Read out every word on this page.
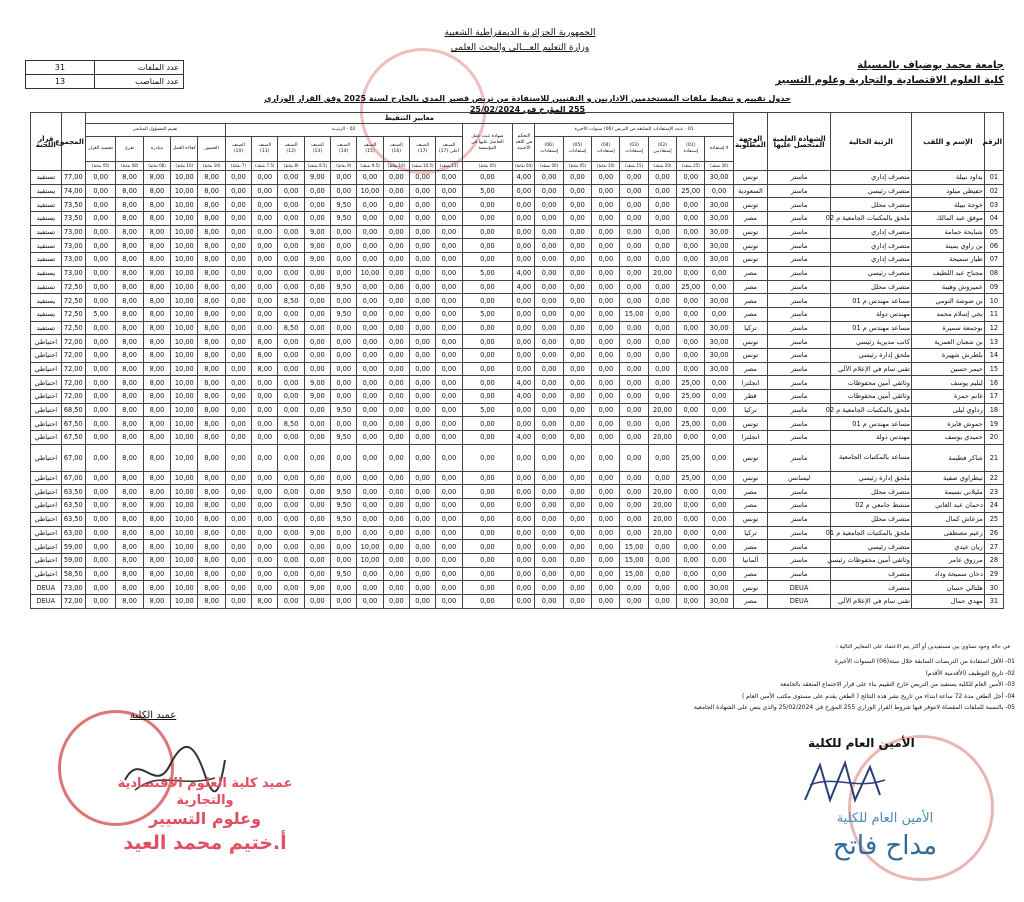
الجمهورية الجزائرية الديمقراطية الشعبية
وزارة التعليم العـــالي والبحث العلمي
جامعة محمد بوضياف بالمسيلة
كلية العلوم الاقتصادية والتجارية وعلوم التسيير
31	عدد الملفات
13	عدد المناصب
جدول تقييم و تنقيط ملفات المستخدمين الاداريين و التقنيين للاستفادة من تربص قصير المدى بالخارج لسنة 2025 وفق القرار الوزاري 255 المؤرخ في 25/02/2024
الرقم	الإسم و اللقب	الرتبة الحالية	الشهادة العلمية المتحصل عليها	الوجهة المطلوبة	معايير التنقيط																							المجموع	قرار اللجنة
					01 - عـدد الإستفادات السابقة من التربص (06) سنوات الأخيرة							التحكم في اللغة الأجنبية	شهادة تثبت عمل الحاصل عليها في المؤسسة	02 - الرتبــة									تقييم المسؤول المباشر						
					لا إستفادة	(01) إستفادة	(02) إستفادتين	(03) إستفادات	(04) إستفادات	(05) إستفادات	(06) إستفادات			الصنف أعلى (17)	الصنف (17)	الصنف (16)	الصنف (15)	الصنف (14)	الصنف (13)	الصنف (12)	الصنف (11)	الصنف (10)	الحضور	كفاءة العمل	مبادرة	تفرغ	تجسيد القرار		
					(30 نقطة)	(25 نقطة)	(20 نقطة)	(15 نقطة)	(10 نقاط)	(05 نقاط)	(00 نقطة)	(04 نقاط)	(05 نقاط)	(11 نقطة)	(10.5 نقطة)	(10 نقاط)	(9.5 نقطة)	(9 نقاط)	(8.5 نقطة)	(8 نقاط)	(7.5 نقطة)	(7 نقاط)	(10 نقاط)	(10 نقاط)	(08 نقاط)	(08 نقاط)	(05 نقاط)		
01	بداود نبيلة	متصرف إداري	ماستر	تونس	30,00	0,00	0,00	0,00	0,00	0,00	0,00	4,00	0,00	0,00	0,00	0,00	0,00	0,00	9,00	0,00	0,00	0,00	8,00	10,00	8,00	8,00	0,00	77,00	تستفيد
02	حفيظي ميلود	متصرف رئيسي	ماستر	السعودية	0,00	25,00	0,00	0,00	0,00	0,00	0,00	0,00	5,00	0,00	0,00	0,00	10,00	0,00	0,00	0,00	0,00	0,00	8,00	10,00	8,00	8,00	0,00	74,00	يستفيد
03	خوجة نبيلة	متصرف محلل	ماستر	تونس	30,00	0,00	0,00	0,00	0,00	0,00	0,00	0,00	0,00	0,00	0,00	0,00	0,00	9,50	0,00	0,00	0,00	0,00	8,00	10,00	8,00	8,00	0,00	73,50	تستفيد
04	موفق عبد المالك	ملحق بالمكتبات الجامعية م 02	ماستر	مصر	30,00	0,00	0,00	0,00	0,00	0,00	0,00	0,00	0,00	0,00	0,00	0,00	0,00	9,50	0,00	0,00	0,00	0,00	8,00	10,00	8,00	8,00	0,00	73,50	يستفيد
05	شبايحة حمامة	متصرف إداري	ماستر	تونس	30,00	0,00	0,00	0,00	0,00	0,00	0,00	0,00	0,00	0,00	0,00	0,00	0,00	0,00	9,00	0,00	0,00	0,00	8,00	10,00	8,00	8,00	0,00	73,00	تستفيد
06	بن زاوي يمينة	متصرف إداري	ماستر	تونس	30,00	0,00	0,00	0,00	0,00	0,00	0,00	0,00	0,00	0,00	0,00	0,00	0,00	0,00	9,00	0,00	0,00	0,00	8,00	10,00	8,00	8,00	0,00	73,00	تستفيد
07	طيار سميحة	متصرف إداري	ماستر	تونس	30,00	0,00	0,00	0,00	0,00	0,00	0,00	0,00	0,00	0,00	0,00	0,00	0,00	0,00	9,00	0,00	0,00	0,00	8,00	10,00	8,00	8,00	0,00	73,00	تستفيد
08	مجناح عبد اللطيف	متصرف رئيسي	ماستر	مصر	0,00	0,00	20,00	0,00	0,00	0,00	0,00	4,00	5,00	0,00	0,00	0,00	10,00	0,00	0,00	0,00	0,00	0,00	8,00	10,00	8,00	8,00	0,00	73,00	يستفيد
09	عميروش وهيبة	متصرف محلل	ماستر	مصر	0,00	25,00	0,00	0,00	0,00	0,00	0,00	4,00	0,00	0,00	0,00	0,00	0,00	9,50	0,00	0,00	0,00	0,00	8,00	10,00	8,00	8,00	0,00	72,50	تستفيد
10	بن صوشة التومي	مساعد مهندس م 01	ماستر	مصر	30,00	0,00	0,00	0,00	0,00	0,00	0,00	0,00	0,00	0,00	0,00	0,00	0,00	0,00	0,00	8,50	0,00	0,00	8,00	10,00	8,00	8,00	0,00	72,50	يستفيد
11	بخي إسلام محمد	مهندس دولة	ماستر	مصر	0,00	0,00	0,00	15,00	0,00	0,00	0,00	0,00	5,00	0,00	0,00	0,00	0,00	9,50	0,00	0,00	0,00	0,00	8,00	10,00	8,00	8,00	5,00	72,50	يستفيد
12	بوجمعة سميرة	مساعد مهندس م 01	ماستر	تركيا	30,00	0,00	0,00	0,00	0,00	0,00	0,00	0,00	0,00	0,00	0,00	0,00	0,00	0,00	0,00	8,50	0,00	0,00	8,00	10,00	8,00	8,00	0,00	72,50	تستفيد
13	بن شعبان العمرية	كاتب مديرية رئيسي	ماستر	تونس	30,00	0,00	0,00	0,00	0,00	0,00	0,00	0,00	0,00	0,00	0,00	0,00	0,00	0,00	0,00	0,00	8,00	0,00	8,00	10,00	8,00	8,00	0,00	72,00	احتياطي
14	بلطرش شهيرة	ملحق إدارة رئيسي	ماستر	تونس	30,00	0,00	0,00	0,00	0,00	0,00	0,00	0,00	0,00	0,00	0,00	0,00	0,00	0,00	0,00	0,00	8,00	0,00	8,00	10,00	8,00	8,00	0,00	72,00	احتياطي
15	حيمر حسين	تقني سام في الإعلام الآلي	ماستر	مصر	30,00	0,00	0,00	0,00	0,00	0,00	0,00	0,00	0,00	0,00	0,00	0,00	0,00	0,00	0,00	0,00	8,00	0,00	8,00	10,00	8,00	8,00	0,00	72,00	احتياطي
16	ليليم يوسف	وثائقي أمين محفوظات	ماستر	انجلترا	0,00	25,00	0,00	0,00	0,00	0,00	0,00	4,00	0,00	0,00	0,00	0,00	0,00	0,00	9,00	0,00	0,00	0,00	8,00	10,00	8,00	8,00	0,00	72,00	احتياطي
17	غانم حمزة	وثائقي أمين محفوظات	ماستر	قطر	0,00	25,00	0,00	0,00	0,00	0,00	0,00	4,00	0,00	0,00	0,00	0,00	0,00	0,00	9,00	0,00	0,00	0,00	8,00	10,00	8,00	8,00	0,00	72,00	احتياطي
18	رداوي ليلى	ملحق بالمكتبات الجامعية م 02	ماستر	تركيا	0,00	0,00	20,00	0,00	0,00	0,00	0,00	0,00	5,00	0,00	0,00	0,00	0,00	9,50	0,00	0,00	0,00	0,00	8,00	10,00	8,00	8,00	0,00	68,50	احتياطي
19	حموش فايزة	مساعد مهندس م 01	ماستر	تونس	0,00	25,00	0,00	0,00	0,00	0,00	0,00	0,00	0,00	0,00	0,00	0,00	0,00	0,00	0,00	8,50	0,00	0,00	8,00	10,00	8,00	8,00	0,00	67,50	احتياطي
20	حميدي يوسف	مهندس دولة	ماستر	انجلترا	0,00	0,00	20,00	0,00	0,00	0,00	0,00	4,00	0,00	0,00	0,00	0,00	0,00	9,50	0,00	0,00	0,00	0,00	8,00	10,00	8,00	8,00	0,00	67,50	احتياطي
21	شاكر فطيمة	مساعد بالمكتبات الجامعية	ماستر	تونس	0,00	25,00	0,00	0,00	0,00	0,00	0,00	0,00	0,00	0,00	0,00	0,00	0,00	0,00	0,00	0,00	0,00	0,00	8,00	10,00	8,00	8,00	0,00	67,00	احتياطي
22	تيطراوي صفية	ملحق إدارة رئيسي	ليسانس	تونس	0,00	25,00	0,00	0,00	0,00	0,00	0,00	0,00	0,00	0,00	0,00	0,00	0,00	0,00	0,00	0,00	0,00	0,00	8,00	10,00	8,00	8,00	0,00	67,00	احتياطي
23	مليلاني نسيمة	متصرف محلل	ماستر	مصر	0,00	0,00	20,00	0,00	0,00	0,00	0,00	0,00	0,00	0,00	0,00	0,00	0,00	9,50	0,00	0,00	0,00	0,00	8,00	10,00	8,00	8,00	0,00	63,50	احتياطي
24	دحمان عبد الغاني	منشط جامعي م 02	ماستر	مصر	0,00	0,00	20,00	0,00	0,00	0,00	0,00	0,00	0,00	0,00	0,00	0,00	0,00	9,50	0,00	0,00	0,00	0,00	8,00	10,00	8,00	8,00	0,00	63,50	احتياطي
25	مزعاش كمال	متصرف محلل	ماستر	تونس	0,00	0,00	20,00	0,00	0,00	0,00	0,00	0,00	0,00	0,00	0,00	0,00	0,00	9,50	0,00	0,00	0,00	0,00	8,00	10,00	8,00	8,00	0,00	63,50	احتياطي
26	زعيم مصطفى	ملحق بالمكتبات الجامعية م 01	ماستر	تركيا	0,00	0,00	20,00	0,00	0,00	0,00	0,00	0,00	0,00	0,00	0,00	0,00	0,00	0,00	9,00	0,00	0,00	0,00	8,00	10,00	8,00	8,00	0,00	63,00	احتياطي
27	زيان عيدي	متصرف رئيسي	ماستر	مصر	0,00	0,00	0,00	15,00	0,00	0,00	0,00	0,00	0,00	0,00	0,00	0,00	10,00	0,00	0,00	0,00	0,00	0,00	8,00	10,00	8,00	8,00	0,00	59,00	احتياطي
28	مرزوق عامر	وثائقي أمين محفوظات رئيسي	ماستر	ألمانيا	0,00	0,00	0,00	15,00	0,00	0,00	0,00	0,00	0,00	0,00	0,00	0,00	10,00	0,00	0,00	0,00	0,00	0,00	8,00	10,00	8,00	8,00	0,00	59,00	احتياطي
29	دخان سميحة وداد	متصرف	ماستر	مصر	0,00	0,00	0,00	15,00	0,00	0,00	0,00	0,00	0,00	0,00	0,00	0,00	0,00	9,50	0,00	0,00	0,00	0,00	8,00	10,00	8,00	8,00	0,00	58,50	احتياطي
30	هلتالي حسان	متصرف	DEUA	تونس	30,00	0,00	0,00	0,00	0,00	0,00	0,00	0,00	0,00	0,00	0,00	0,00	0,00	0,00	9,00	0,00	0,00	0,00	8,00	10,00	8,00	8,00	0,00	73,00	DEUA
31	مهدي جمال	تقني سام في الإعلام الآلي	DEUA	مصر	30,00	0,00	0,00	0,00	0,00	0,00	0,00	0,00	0,00	0,00	0,00	0,00	0,00	0,00	0,00	0,00	8,00	0,00	8,00	10,00	8,00	8,00	0,00	72,00	DEUA
في حالة وجود تساوي بين مستفيدين أو أكثر يتم الاعتماد على المعايير التالية :
01- الأقل استفادة من التربصات السابقة خلال ستة(06) السنوات الأخيرة
02- تاريخ التوظيف (الأقدمية الأقدم)
03- الأمين العام للكلية يستفيد من التربص خارج التقييم بناء على قرار الاجتماع المنعقد بالجامعة
04- أجل الطعن مدة 72 ساعة ابتداء من تاريخ نشر هذه النتائج ( الطعن يقدم على مستوى مكتب الأمين العام )
05- بالنسبة للملفات المقصاة لاتتوفر فيها شروط القرار الوزاري 255 المؤرخ في 25/02/2024 والذي ينص على الشهادة الجامعية
عميد الكلية
عميد كلية العلوم الاقتصادية والتجارية
وعلوم التسيير
أ.ختيم محمد العيد
الأمين العام للكلية
الأمين العام للكلية
مداح فاتح
